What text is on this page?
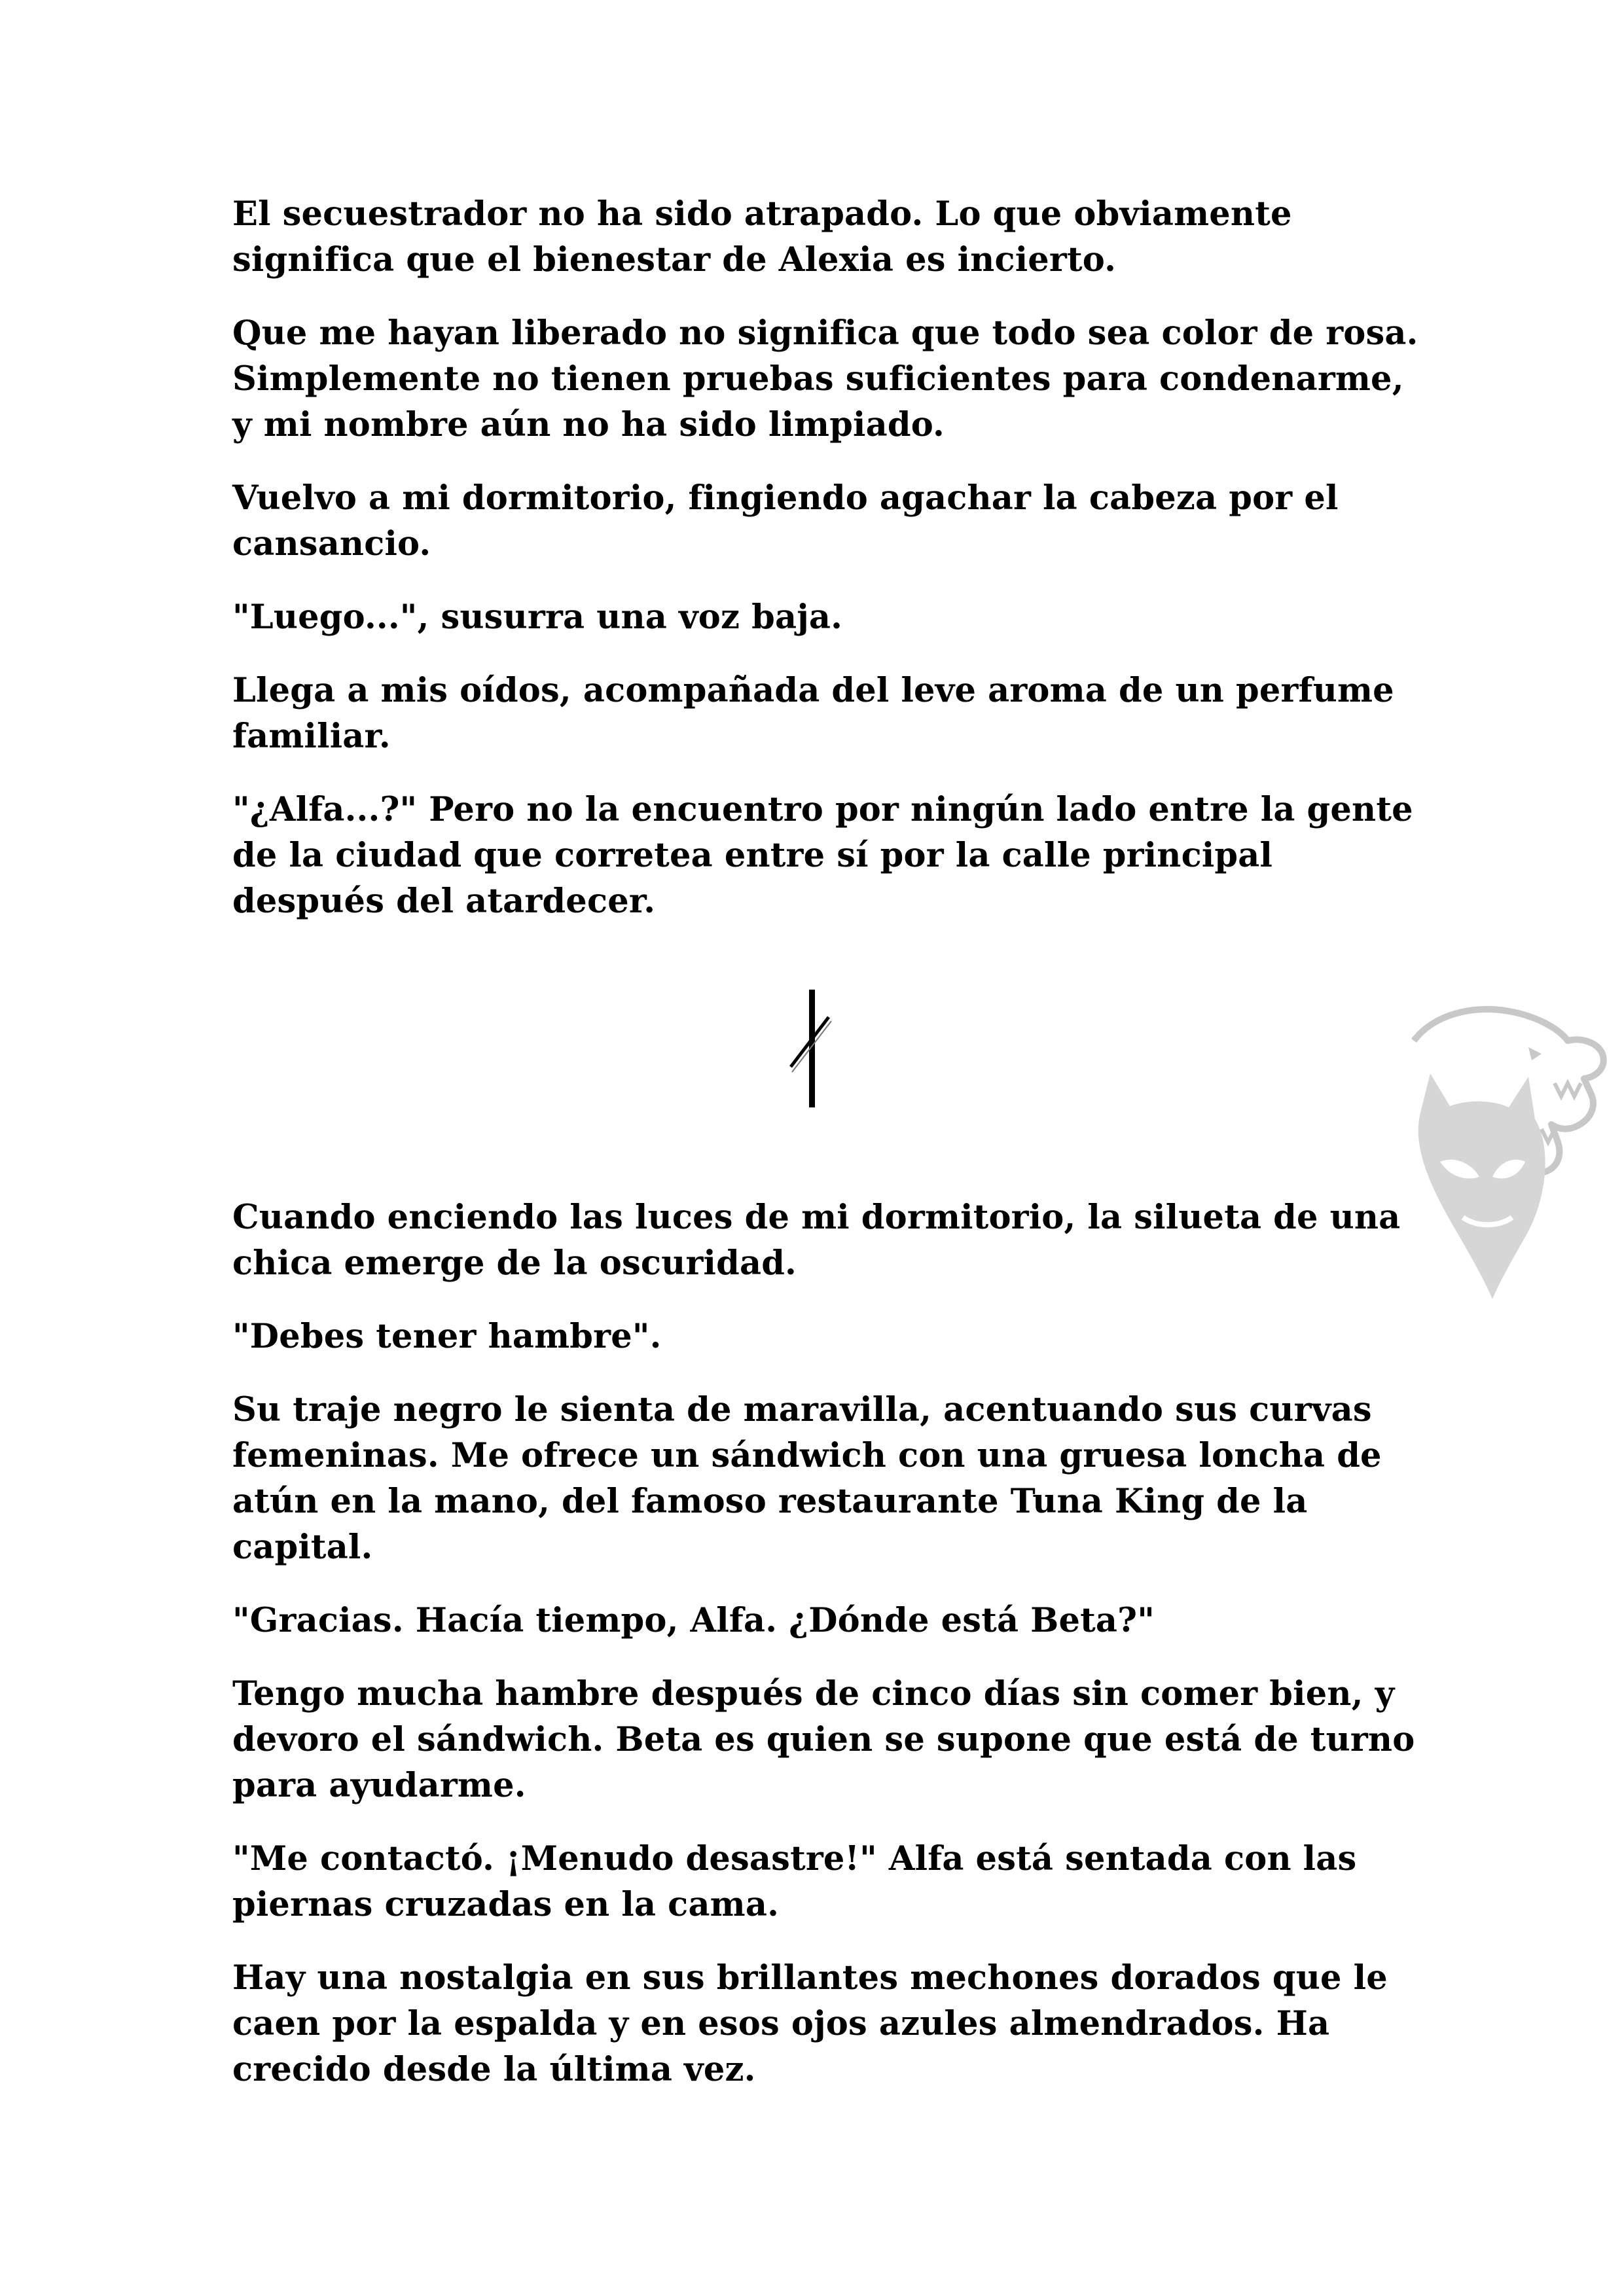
El secuestrador no ha sido atrapado. Lo que obviamente significa que el bienestar de Alexia es incierto.

Que me hayan liberado no significa que todo sea color de rosa. Simplemente no tienen pruebas suficientes para condenarme, y mi nombre aún no ha sido limpiado.

Vuelvo a mi dormitorio, fingiendo agachar la cabeza por el cansancio.

"Luego...", susurra una voz baja.

Llega a mis oídos, acompañada del leve aroma de un perfume familiar.

"¿Alfa...?" Pero no la encuentro por ningún lado entre la gente de la ciudad que corretea entre sí por la calle principal después del atardecer.

Cuando enciendo las luces de mi dormitorio, la silueta de una chica emerge de la oscuridad.

"Debes tener hambre".

Su traje negro le sienta de maravilla, acentuando sus curvas femeninas. Me ofrece un sándwich con una gruesa loncha de atún en la mano, del famoso restaurante Tuna King de la capital.

"Gracias. Hacía tiempo, Alfa. ¿Dónde está Beta?"

Tengo mucha hambre después de cinco días sin comer bien, y devoro el sándwich. Beta es quien se supone que está de turno para ayudarme.

"Me contactó. ¡Menudo desastre!" Alfa está sentada con las piernas cruzadas en la cama.

Hay una nostalgia en sus brillantes mechones dorados que le caen por la espalda y en esos ojos azules almendrados. Ha crecido desde la última vez.
